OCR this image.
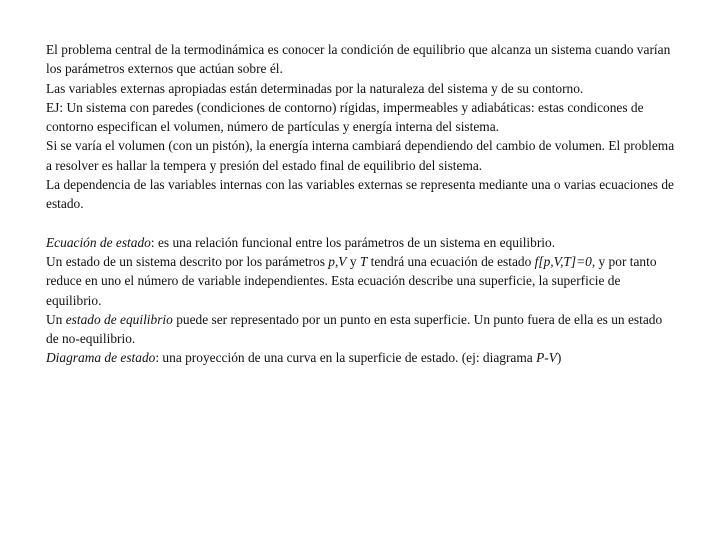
El problema central de la termodinámica es conocer la condición de equilibrio que alcanza un sistema cuando varían los parámetros externos que actúan sobre él.

Las variables externas apropiadas están determinadas por la naturaleza del sistema y de su contorno.

EJ: Un sistema con paredes (condiciones de contorno) rígidas, impermeables y adiabáticas: estas condicones de contorno especifican el volumen, número de partículas y energía interna del sistema.

Si se varía el volumen (con un pistón), la energía interna cambiará dependiendo del cambio de volumen. El problema a resolver es hallar la tempera y presión del estado final de equilibrio del sistema.

La dependencia de las variables internas con las variables externas se representa mediante una o varias ecuaciones de estado.

Ecuación de estado: es una relación funcional entre los parámetros de un sistema en equilibrio.

Un estado de un sistema descrito por los parámetros p,V y T tendrá una ecuación de estado f[p,V,T]=0, y por tanto reduce en uno el número de variable independientes. Esta ecuación describe una superficie, la superficie de equilibrio.

Un estado de equilibrio puede ser representado por un punto en esta superficie. Un punto fuera de ella es un estado de no-equilibrio.

Diagrama de estado: una proyección de una curva en la superficie de estado. (ej: diagrama P-V)
